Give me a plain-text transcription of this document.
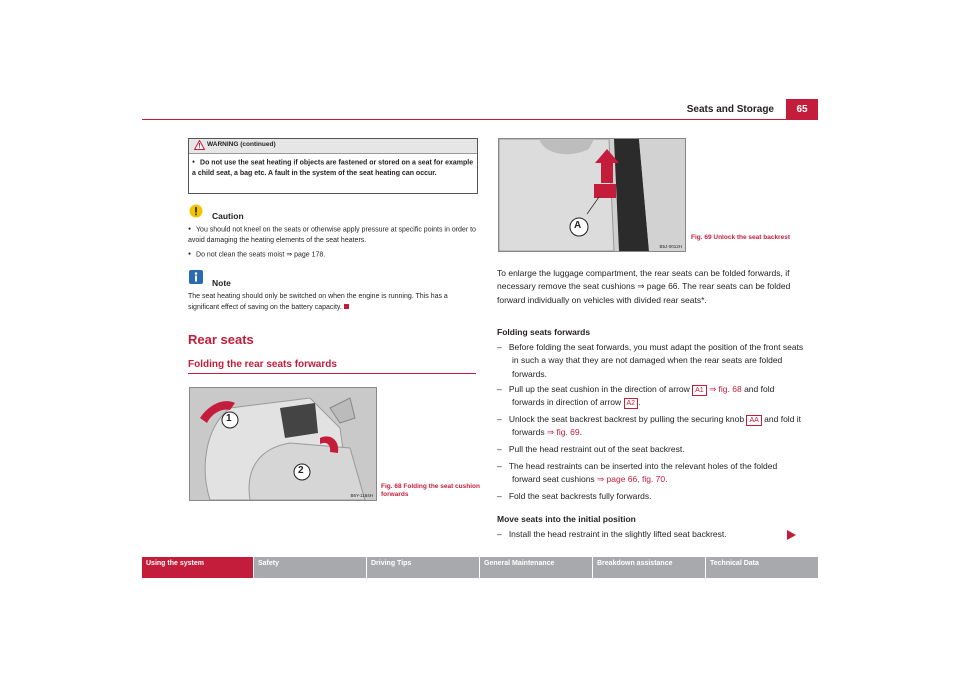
Seats and Storage	65
WARNING (continued)
● Do not use the seat heating if objects are fastened or stored on a seat for example a child seat, a bag etc. A fault in the system of the seat heating can occur.
Caution
● You should not kneel on the seats or otherwise apply pressure at specific points in order to avoid damaging the heating elements of the seat heaters.
● Do not clean the seats moist ⇒ page 178.
Note
The seat heating should only be switched on when the engine is running. This has a significant effect of saving on the battery capacity.
Rear seats
Folding the rear seats forwards
1
2
B6Y-1184H
Fig. 68 Folding the seat cushion forwards
A
B5J-0012H
Fig. 69 Unlock the seat backrest
To enlarge the luggage compartment, the rear seats can be folded forwards, if necessary remove the seat cushions ⇒ page 66. The rear seats can be folded forward individually on vehicles with divided rear seats*.
Folding seats forwards
–   Before folding the seat forwards, you must adapt the position of the front seats in such a way that they are not damaged when the rear seats are folded forwards.
–   Pull up the seat cushion in the direction of arrow A1 ⇒ fig. 68 and fold forwards in direction of arrow A2 .
–   Unlock the seat backrest backrest by pulling the securing knob AA and fold it forwards ⇒ fig. 69.
–   Pull the head restraint out of the seat backrest.
–   The head restraints can be inserted into the relevant holes of the folded forward seat cushions ⇒ page 66, fig. 70.
–   Fold the seat backrests fully forwards.
Move seats into the initial position
–   Install the head restraint in the slightly lifted seat backrest.
Using the system	Safety	Driving Tips	General Maintenance	Breakdown assistance	Technical Data
